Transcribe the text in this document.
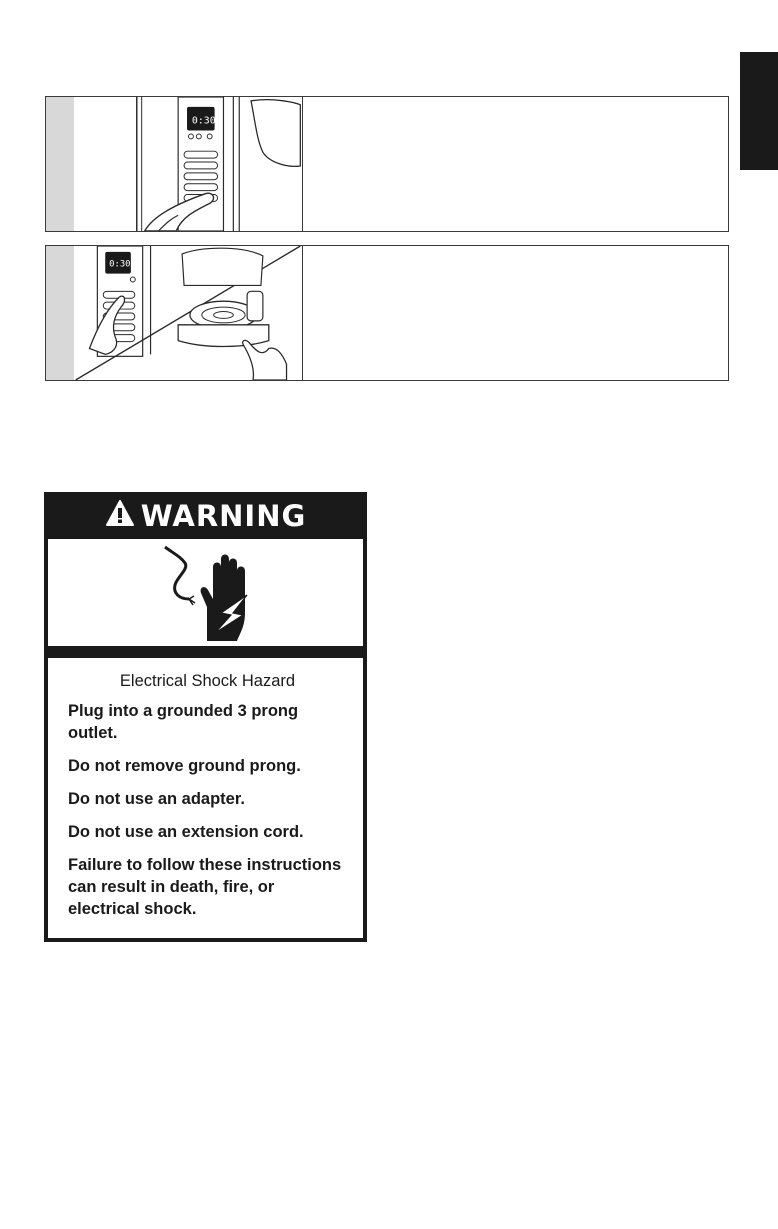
0:30
0:30
WARNING

Electrical Shock Hazard

Plug into a grounded 3 prong outlet.

Do not remove ground prong.

Do not use an adapter.

Do not use an extension cord.

Failure to follow these instructions can result in death, fire, or electrical shock.
